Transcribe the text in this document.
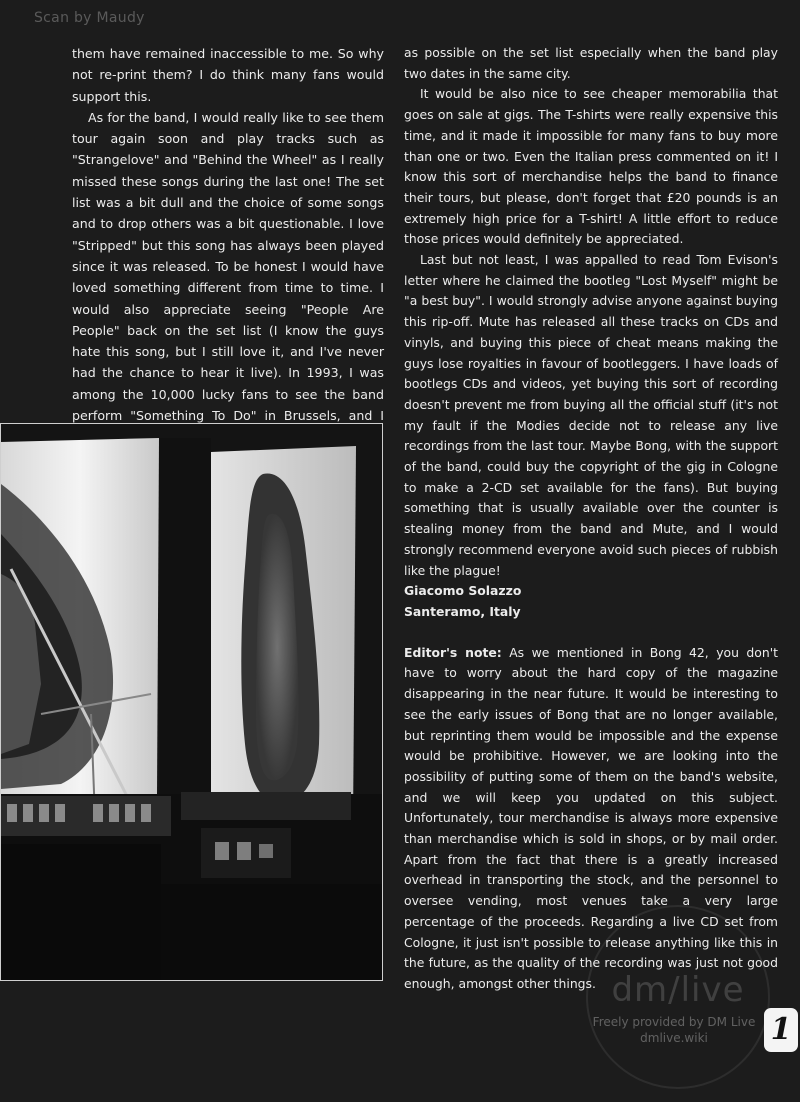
Scan by Maudy

them have remained inaccessible to me. So why not re-print them? I do think many fans would support this.

As for the band, I would really like to see them tour again soon and play tracks such as "Strangelove" and "Behind the Wheel" as I really missed these songs during the last one! The set list was a bit dull and the choice of some songs and to drop others was a bit questionable. I love "Stripped" but this song has always been played since it was released. To be honest I would have loved something different from time to time. I would also appreciate seeing "People Are People" back on the set list (I know the guys hate this song, but I still love it, and I've never had the chance to hear it live). In 1993, I was among the 10,000 lucky fans to see the band perform "Something To Do" in Brussels, and I

as possible on the set list especially when the band play two dates in the same city.

It would be also nice to see cheaper memorabilia that goes on sale at gigs. The T-shirts were really expensive this time, and it made it impossible for many fans to buy more than one or two. Even the Italian press commented on it! I know this sort of merchandise helps the band to finance their tours, but please, don't forget that £20 pounds is an extremely high price for a T-shirt! A little effort to reduce those prices would definitely be appreciated.

Last but not least, I was appalled to read Tom Evison's letter where he claimed the bootleg "Lost Myself" might be "a best buy". I would strongly advise anyone against buying this rip-off. Mute has released all these tracks on CDs and vinyls, and buying this piece of cheat means making the guys lose royalties in favour of bootleggers. I have loads of bootlegs CDs and videos, yet buying this sort of recording doesn't prevent me from buying all the official stuff (it's not my fault if the Modies decide not to release any live recordings from the last tour. Maybe Bong, with the support of the band, could buy the copyright of the gig in Cologne to make a 2-CD set available for the fans). But buying something that is usually available over the counter is stealing money from the band and Mute, and I would strongly recommend everyone avoid such pieces of rubbish like the plague!

Giacomo Solazzo

Santeramo, Italy

Editor's note: As we mentioned in Bong 42, you don't have to worry about the hard copy of the magazine disappearing in the near future. It would be interesting to see the early issues of Bong that are no longer available, but reprinting them would be impossible and the expense would be prohibitive. However, we are looking into the possibility of putting some of them on the band's website, and we will keep you updated on this subject. Unfortunately, tour merchandise is always more expensive than merchandise which is sold in shops, or by mail order. Apart from the fact that there is a greatly increased overhead in transporting the stock, and the personnel to oversee vending, most venues take a very large percentage of the proceeds. Regarding a live CD set from Cologne, it just isn't possible to release anything like this in the future, as the quality of the recording was just not good enough, amongst other things. dm/live
Freely provided by DM Live
dmlive.wiki	1
